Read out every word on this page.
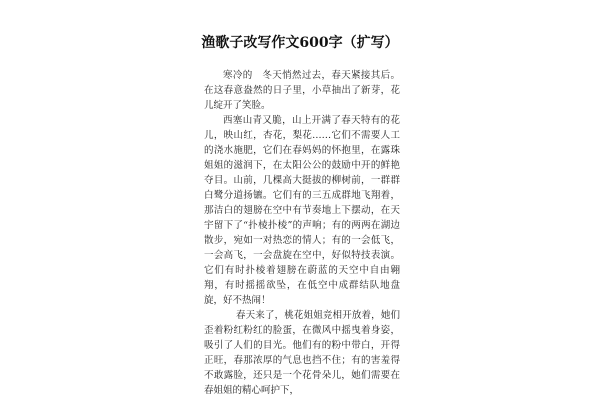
渔歌子改写作文600字（扩写）

寒冷的　冬天悄然过去，春天紧接其后。在这春意盎然的日子里，小草抽出了新芽，花儿绽开了笑脸。

西塞山青又脆，山上开满了春天特有的花儿，映山红，杏花，梨花……它们不需要人工的浇水施肥，它们在春妈妈的怀抱里，在露珠姐姐的滋润下，在太阳公公的鼓励中开的鲜艳夺目。山前，几棵高大挺拔的柳树前，一群群白鹭分道扬镳。它们有的三五成群地飞翔着，那洁白的翅膀在空中有节奏地上下摆动，在天宇留下了“扑棱扑棱”的声响；有的两两在湖边散步，宛如一对热恋的情人；有的一会低飞，一会高飞，一会盘旋在空中，好似特技表演。它们有时扑棱着翅膀在蔚蓝的天空中自由翱翔，有时摇摇欲坠，在低空中成群结队地盘旋，好不热闹！

春天来了，桃花姐姐竞相开放着，她们歪着粉红粉红的脸蛋，在微风中摇曳着身姿，吸引了人们的目光。他们有的粉中带白，开得正旺，春那浓厚的气息也挡不住；有的害羞得不敢露脸，还只是一个花骨朵儿，她们需要在春姐姐的精心呵护下，
